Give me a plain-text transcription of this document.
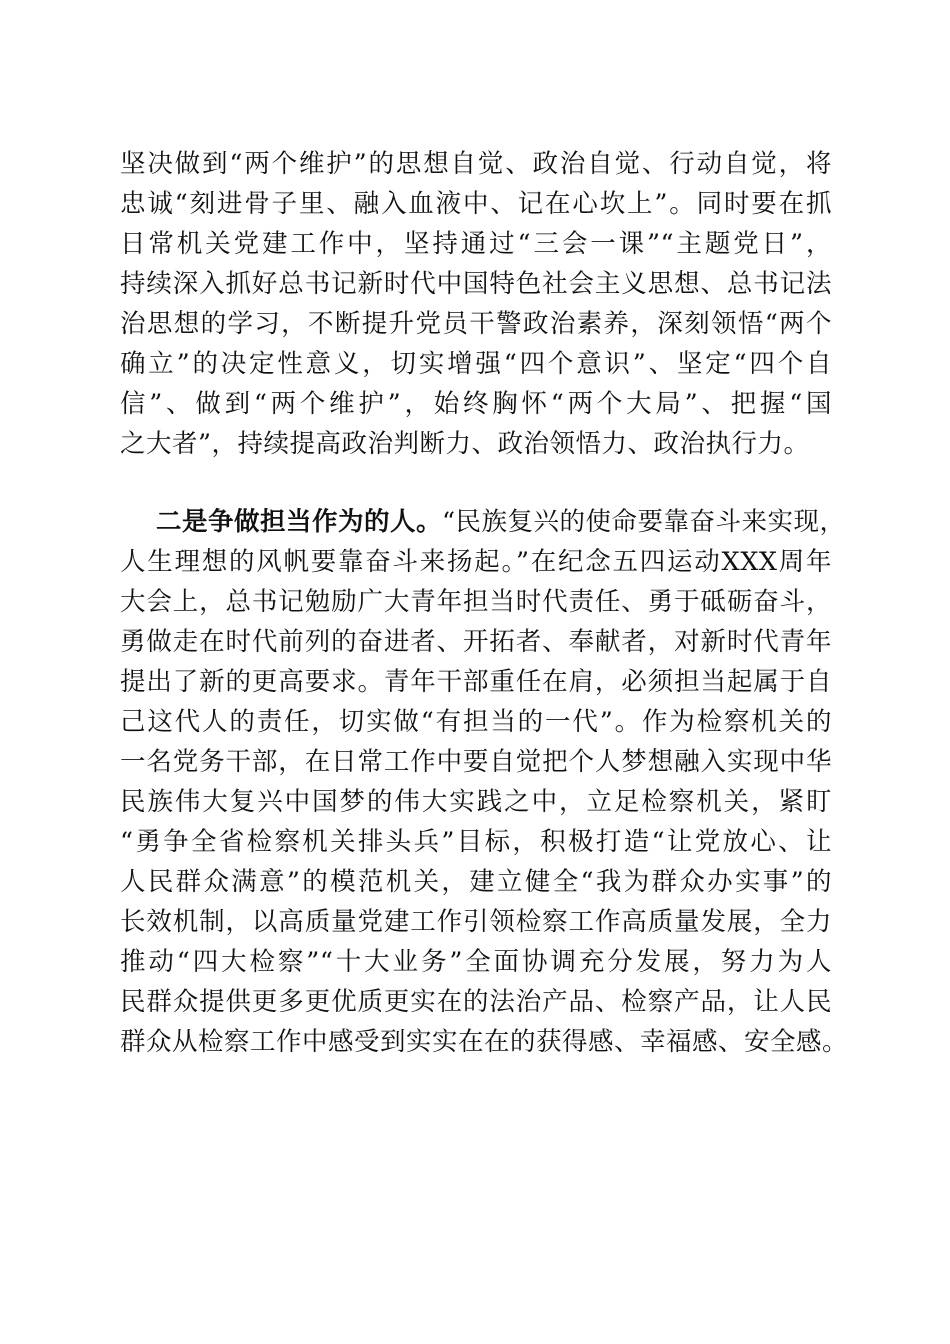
坚决做到“两个维护”的思想自觉、政治自觉、行动自觉，将
忠诚“刻进骨子里、融入血液中、记在心坎上”。同时要在抓
日常机关党建工作中，坚持通过“三会一课”“主题党日”，
持续深入抓好总书记新时代中国特色社会主义思想、总书记法
治思想的学习，不断提升党员干警政治素养，深刻领悟“两个
确立”的决定性意义，切实增强“四个意识”、坚定“四个自
信”、做到“两个维护”，始终胸怀“两个大局”、把握“国
之大者”，持续提高政治判断力、政治领悟力、政治执行力。
二是争做担当作为的人。“民族复兴的使命要靠奋斗来实现，
人生理想的风帆要靠奋斗来扬起。”在纪念五四运动XXX周年
大会上，总书记勉励广大青年担当时代责任、勇于砥砺奋斗，
勇做走在时代前列的奋进者、开拓者、奉献者，对新时代青年
提出了新的更高要求。青年干部重任在肩，必须担当起属于自
己这代人的责任，切实做“有担当的一代”。作为检察机关的
一名党务干部，在日常工作中要自觉把个人梦想融入实现中华
民族伟大复兴中国梦的伟大实践之中，立足检察机关，紧盯
“勇争全省检察机关排头兵”目标，积极打造“让党放心、让
人民群众满意”的模范机关，建立健全“我为群众办实事”的
长效机制，以高质量党建工作引领检察工作高质量发展，全力
推动“四大检察”“十大业务”全面协调充分发展，努力为人
民群众提供更多更优质更实在的法治产品、检察产品，让人民
群众从检察工作中感受到实实在在的获得感、幸福感、安全感。
